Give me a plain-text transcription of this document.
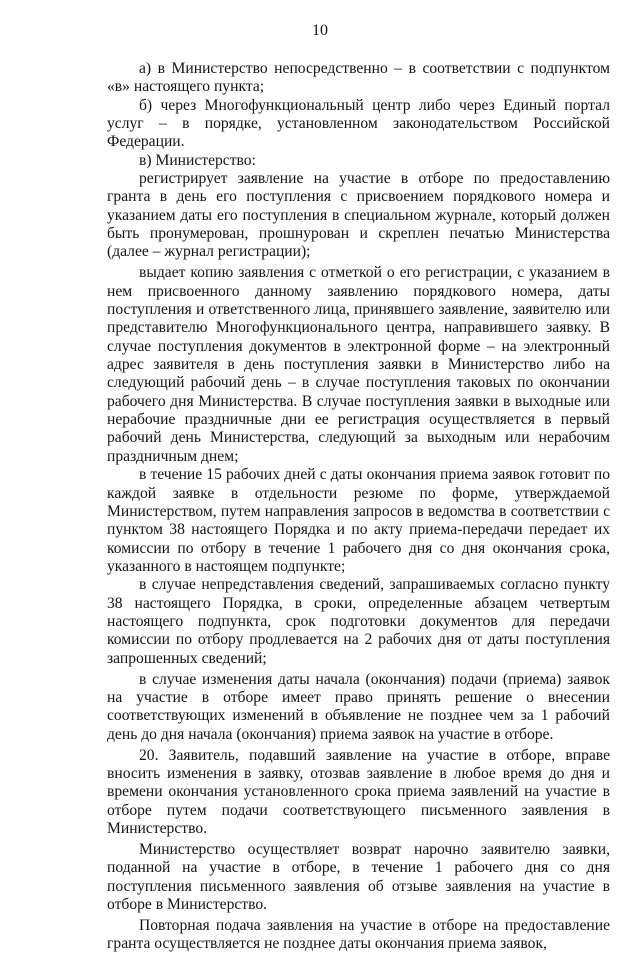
10

а) в Министерство непосредственно – в соответствии с подпунктом «в» настоящего пункта;

б) через Многофункциональный центр либо через Единый портал услуг – в порядке, установленном законодательством Российской Федерации.

в) Министерство:

регистрирует заявление на участие в отборе по предоставлению гранта в день его поступления с присвоением порядкового номера и указанием даты его поступления в специальном журнале, который должен быть пронумерован, прошнурован и скреплен печатью Министерства (далее – журнал регистрации);

выдает копию заявления с отметкой о его регистрации, с указанием в нем присвоенного данному заявлению порядкового номера, даты поступления и ответственного лица, принявшего заявление, заявителю или представителю Многофункционального центра, направившего заявку. В случае поступления документов в электронной форме – на электронный адрес заявителя в день поступления заявки в Министерство либо на следующий рабочий день – в случае поступления таковых по окончании рабочего дня Министерства. В случае поступления заявки в выходные или нерабочие праздничные дни ее регистрация осуществляется в первый рабочий день Министерства, следующий за выходным или нерабочим праздничным днем;

в течение 15 рабочих дней с даты окончания приема заявок готовит по каждой заявке в отдельности резюме по форме, утверждаемой Министерством, путем направления запросов в ведомства в соответствии с пунктом 38 настоящего Порядка и по акту приема-передачи передает их комиссии по отбору в течение 1 рабочего дня со дня окончания срока, указанного в настоящем подпункте;

в случае непредставления сведений, запрашиваемых согласно пункту 38 настоящего Порядка, в сроки, определенные абзацем четвертым настоящего подпункта, срок подготовки документов для передачи комиссии по отбору продлевается на 2 рабочих дня от даты поступления запрошенных сведений;

в случае изменения даты начала (окончания) подачи (приема) заявок на участие в отборе имеет право принять решение о внесении соответствующих изменений в объявление не позднее чем за 1 рабочий день до дня начала (окончания) приема заявок на участие в отборе.

20. Заявитель, подавший заявление на участие в отборе, вправе вносить изменения в заявку, отозвав заявление в любое время до дня и времени окончания установленного срока приема заявлений на участие в отборе путем подачи соответствующего письменного заявления в Министерство.

Министерство осуществляет возврат нарочно заявителю заявки, поданной на участие в отборе, в течение 1 рабочего дня со дня поступления письменного заявления об отзыве заявления на участие в отборе в Министерство.

Повторная подача заявления на участие в отборе на предоставление гранта осуществляется не позднее даты окончания приема заявок,
